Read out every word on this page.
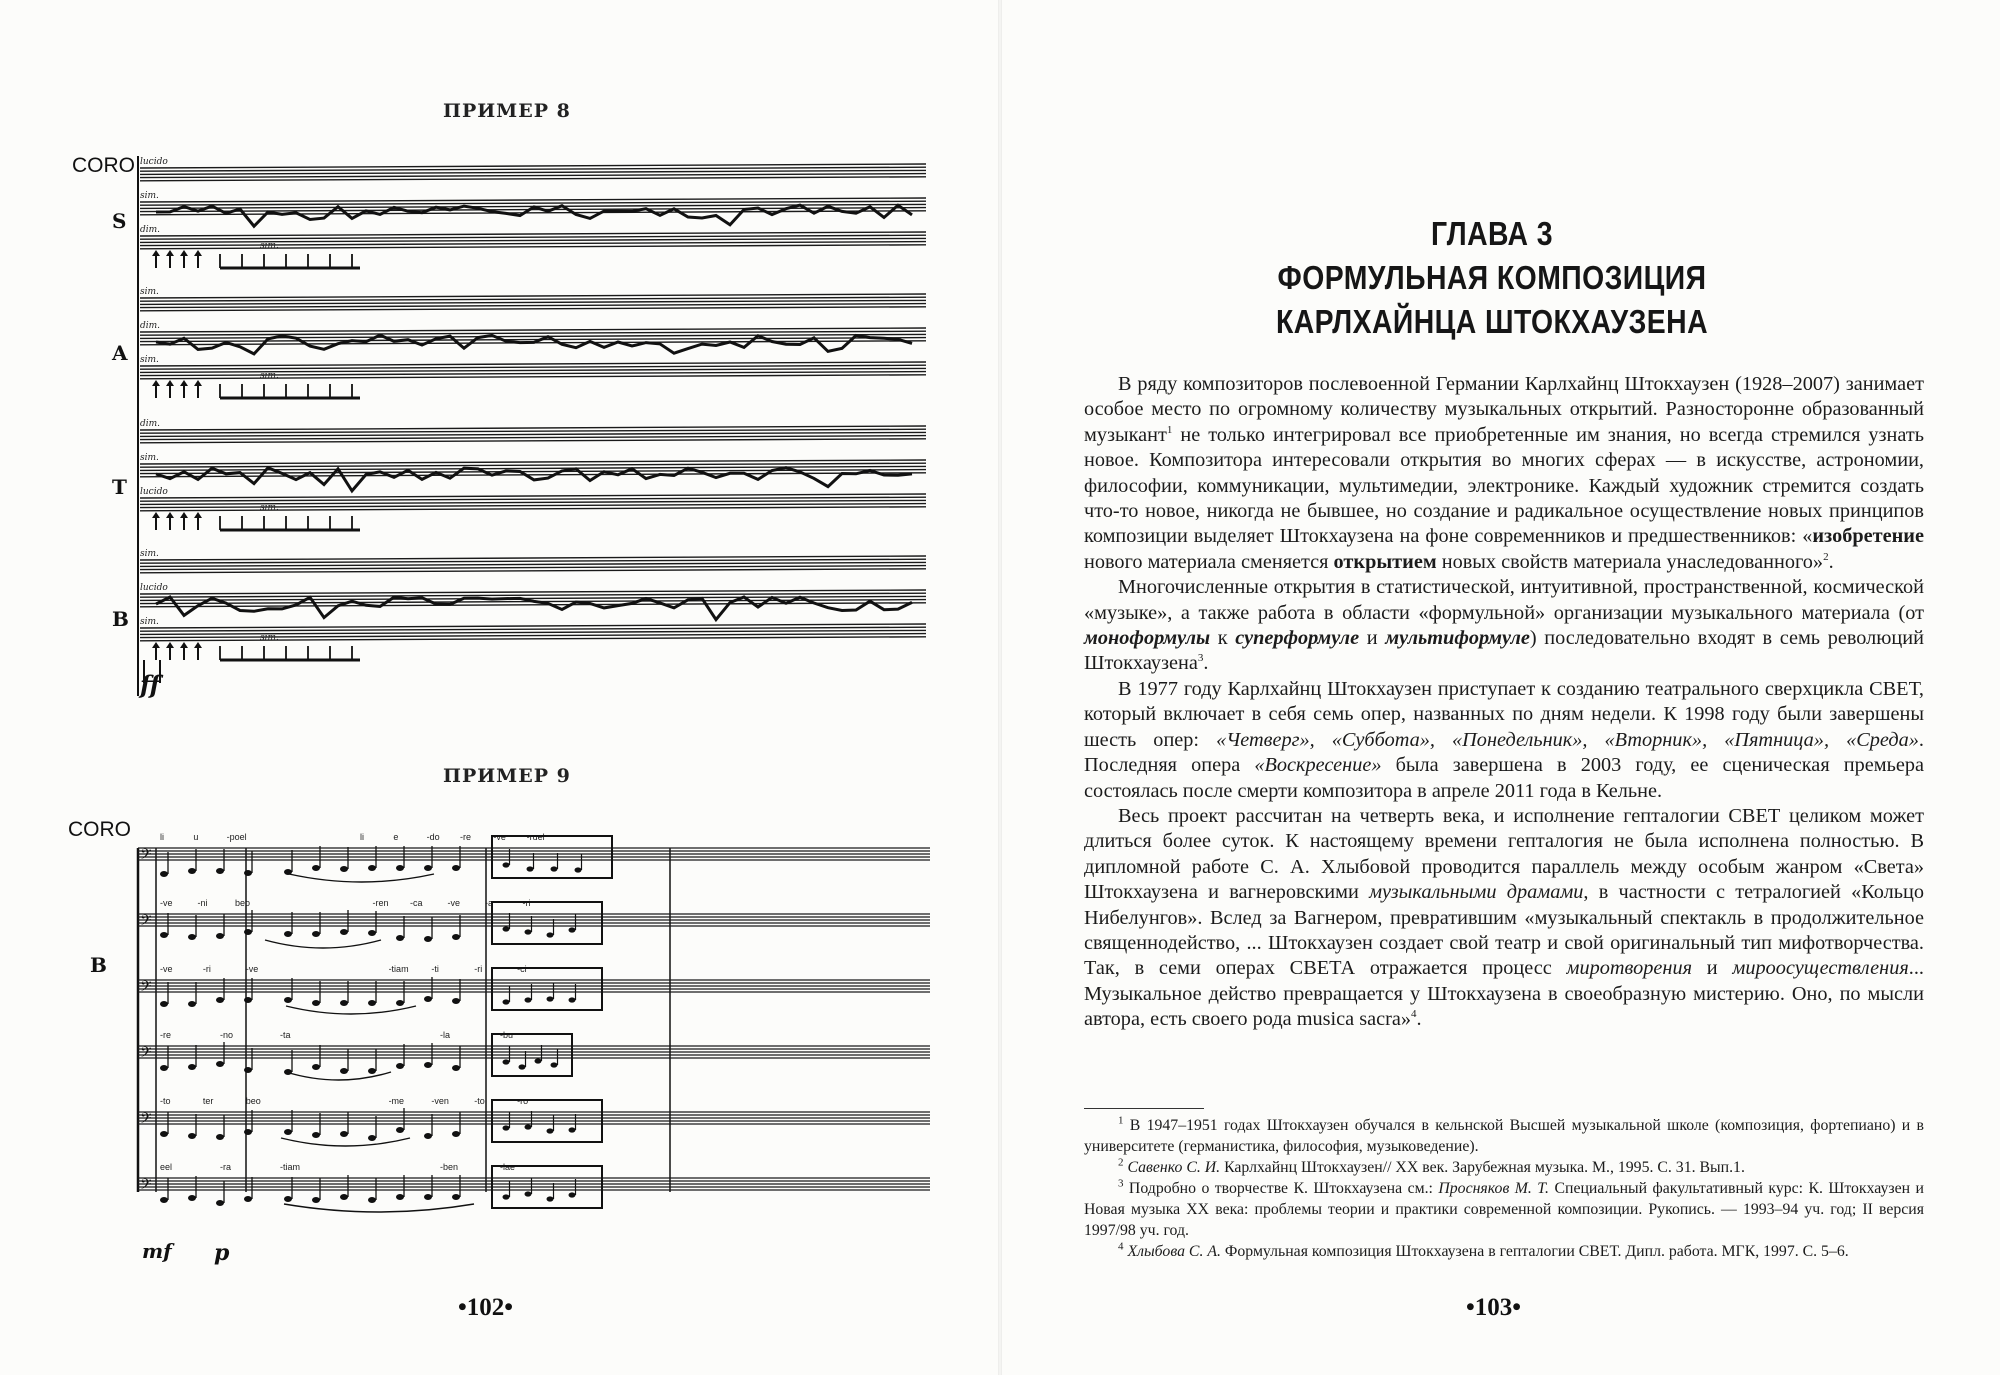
ПРИМЕР 8
CORO
S
lucido
sim.
dim.
sim.
A
sim.
dim.
sim.
sim.
T
dim.
sim.
lucido
sim.
B
sim.
lucido
sim.
sim.
ff
ПРИМЕР 9
CORO
B
𝄢
li	u	-poel	li	e	-do -re -ve -ruel
𝄢
-ve	-ni	beo	-ren -ca	-ve	-a	-ri
𝄢
-ve	-ri	-ve	-tiam	-ti	-ri	-ci
𝄢
-re	-no	-ta	-la	-bu
𝄢
-to	ter	beo	-me	-ven	-to	-ro
𝄢
eel	-ra	-tiam	-ben	-lae
mf p
•102•
ГЛАВА 3
ФОРМУЛЬНАЯ КОМПОЗИЦИЯ
КАРЛХАЙНЦА ШТОКХАУЗЕНА

В ряду композиторов послевоенной Германии Карлхайнц Штокхаузен (1928–2007) занимает особое место по огромному количеству музыкальных открытий. Разносторонне образованный музыкант$^1$ не только интегрировал все приобретенные им знания, но всегда стремился узнать новое. Композитора интересовали открытия во многих сферах — в искусстве, астрономии, философии, коммуникации, мультимедии, электронике. Каждый художник стремится создать что-то новое, никогда не бывшее, но создание и радикальное осуществление новых принципов композиции выделяет Штокхаузена на фоне современников и предшественников: «изобретение нового материала сменяется открытием новых свойств материала унаследованного»$^2$.

Многочисленные открытия в статистической, интуитивной, пространственной, космической «музыке», а также работа в области «формульной» организации музыкального материала (от монoформулы к суперформуле и мультиформуле) последовательно входят в семь революций Штокхаузена$^3$.

В 1977 году Карлхайнц Штокхаузен приступает к созданию театрального сверхцикла СВЕТ, который включает в себя семь опер, названных по дням недели. К 1998 году были завершены шесть опер: «Четверг», «Суббота», «Понедельник», «Вторник», «Пятница», «Среда». Последняя опера «Воскресение» была завершена в 2003 году, ее сценическая премьера состоялась после смерти композитора в апреле 2011 года в Кельне.

Весь проект рассчитан на четверть века, и исполнение гепталогии СВЕТ целиком может длиться более суток. К настоящему времени гепталогия не была исполнена полностью. В дипломной работе С. А. Хлыбовой проводится параллель между особым жанром «Света» Штокхаузена и вагнеровскими музыкальными драмами, в частности с тетралогией «Кольцо Нибелунгов». Вслед за Вагнером, превратившим «музыкальный спектакль в продолжительное священнодейство, ... Штокхаузен создает свой театр и свой оригинальный тип мифотворчества. Так, в семи операх СВЕТА отражается процесс миротворения и мироосуществления... Музыкальное действо превращается у Штокхаузена в своеобразную мистерию. Оно, по мысли автора, есть своего рода musica sacra»$^4$.

$^1$ В 1947–1951 годах Штокхаузен обучался в кельнской Высшей музыкальной школе (композиция, фортепиано) и в университете (германистика, философия, музыковедение).

$^2$ Савенко С. И. Карлхайнц Штокхаузен// XX век. Зарубежная музыка. М., 1995. С. 31. Вып.1.

$^3$ Подробно о творчестве К. Штокхаузена см.: Просняков М. Т. Специальный факультативный курс: К. Штокхаузен и Новая музыка XX века: проблемы теории и практики современной композиции. Рукопись. — 1993–94 уч. год; II версия 1997/98 уч. год.

$^4$ Хлыбова С. А. Формульная композиция Штокхаузена в гепталогии СВЕТ. Дипл. работа. МГК, 1997. С. 5–6.

•103•
